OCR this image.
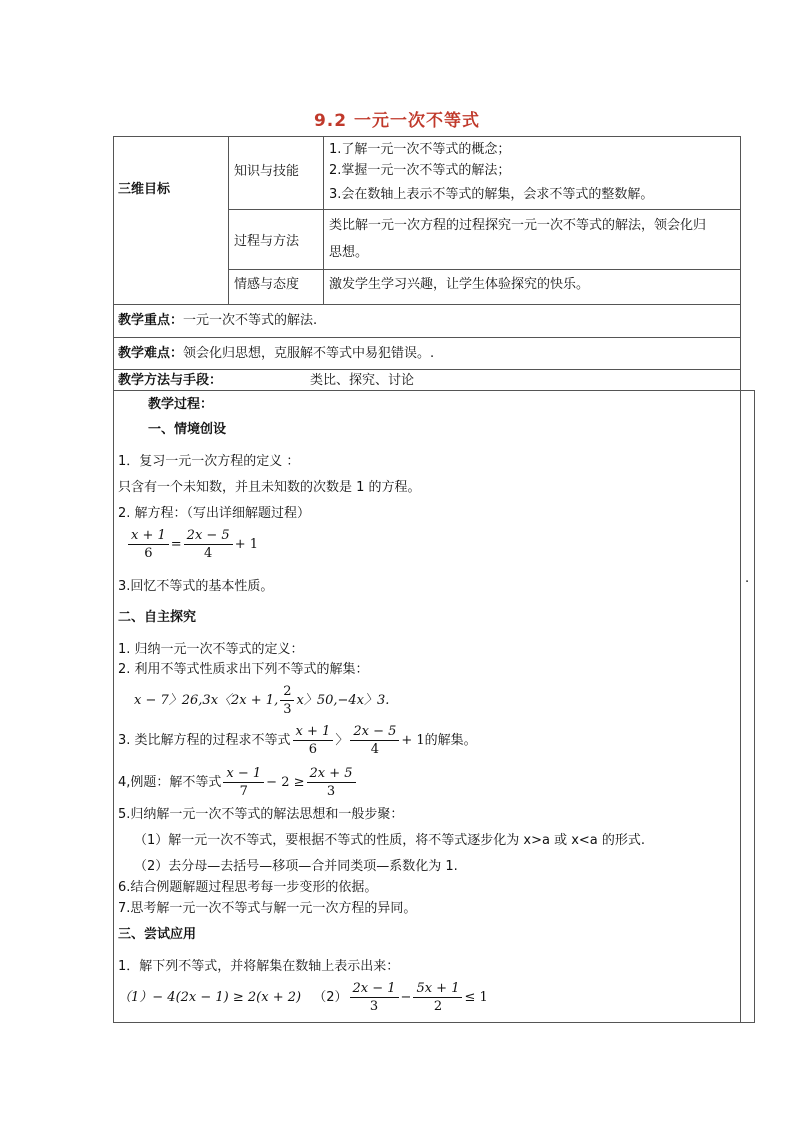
9.2 一元一次不等式
三维目标
知识与技能
1.了解一元一次不等式的概念；
2.掌握一元一次不等式的解法；
3.会在数轴上表示不等式的解集，会求不等式的整数解。
过程与方法
类比解一元一次方程的过程探究一元一次不等式的解法，领会化归
思想。
情感与态度 激发学生学习兴趣，让学生体验探究的快乐。
教学重点：一元一次不等式的解法.
教学难点：领会化归思想，克服解不等式中易犯错误。.
教学方法与手段：	类比、探究、讨论
教学过程：
一、情境创设
1．复习一元一次方程的定义 ：
只含有一个未知数，并且未知数的次数是 1 的方程。
2. 解方程：（写出详细解题过程）
$\frac{x + 1}{6} = \frac{2x - 5}{4} + 1$
3.回忆不等式的基本性质。
二、自主探究
1. 归纳一元一次不等式的定义：
2. 利用不等式性质求出下列不等式的解集：
x − 7〉26,3x〈2x + 1, $\frac{2}{3}$ x〉50,−4x〉3.
3. 类比解方程的过程求不等式 $\frac{x + 1}{6}$ 〉 $\frac{2x - 5}{4} + 1$的解集。
4,例题：解不等式 $\frac{x - 1}{7} - 2 \ge \frac{2x + 5}{3}$
5.归纳解一元一次不等式的解法思想和一般步聚：
（1）解一元一次不等式，要根据不等式的性质，将不等式逐步化为 x>a 或 x<a 的形式.
（2）去分母—去括号—移项—合并同类项—系数化为 1.
6.结合例题解题过程思考每一步变形的依据。
7.思考解一元一次不等式与解一元一次方程的异同。
三、尝试应用
1．解下列不等式，并将解集在数轴上表示出来：
（1）− 4(2x − 1) ≥ 2(x + 2) $(2) \frac{2x - 1}{3} - \frac{5x + 1}{2} \le 1$
.
